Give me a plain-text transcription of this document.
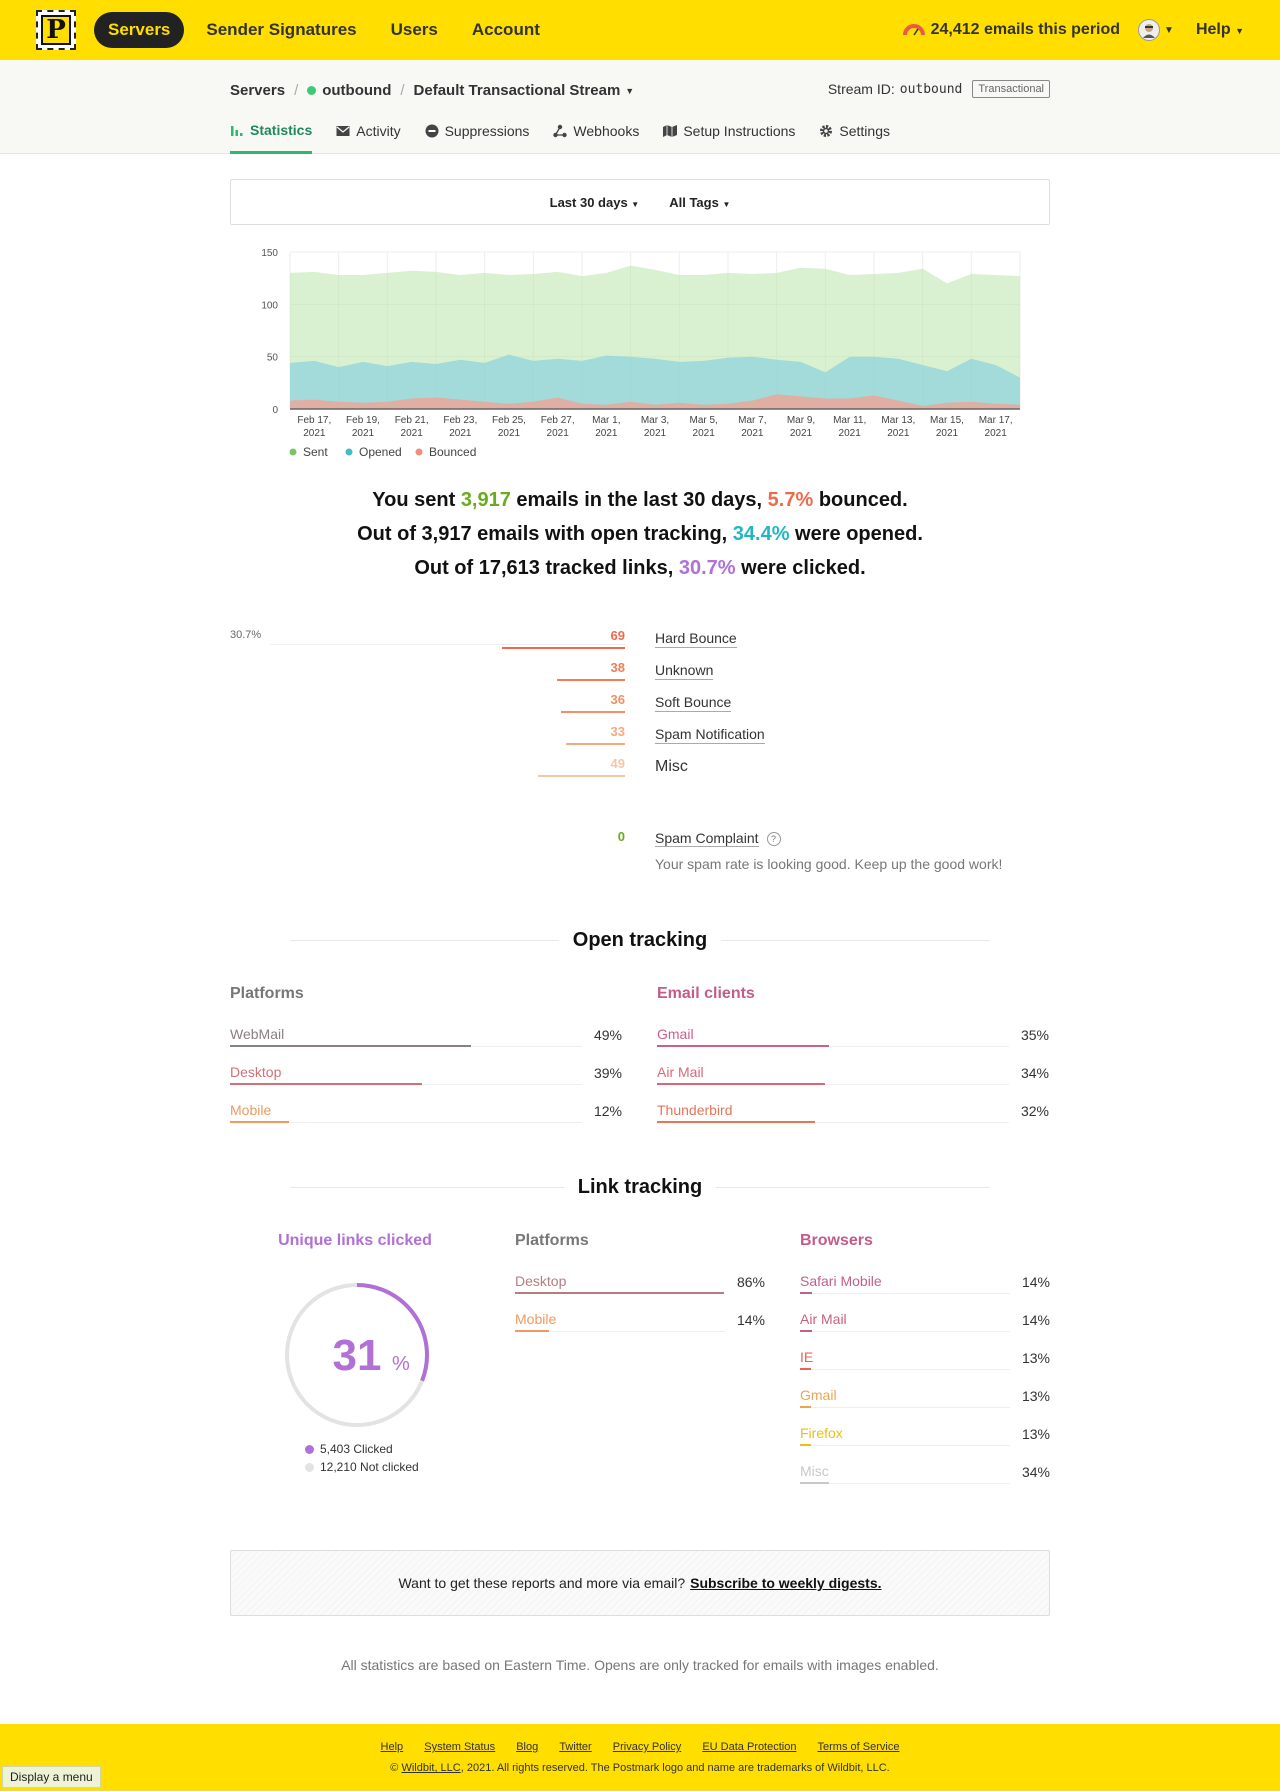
P	Servers	Sender Signatures Users Account	24,412 emails this period	▼ Help ▼
Servers / outbound / Default Transactional Stream ▼	Stream ID: outbound	Transactional
Statistics	Activity	Suppressions	Webhooks	Setup Instructions	Settings
Last 30 days ▼ All Tags ▼
0
50
100
150
Feb 17,
2021
Feb 19,
2021
Feb 21,
2021
Feb 23,
2021
Feb 25,
2021
Feb 27,
2021
Mar 1,
2021
Mar 3,
2021
Mar 5,
2021
Mar 7,
2021
Mar 9,
2021
Mar 11,
2021
Mar 13,
2021
Mar 15,
2021
Mar 17,
2021
Sent	Opened Bounced
You sent 3,917 emails in the last 30 days, 5.7% bounced.
Out of 3,917 emails with open tracking, 34.4% were opened.
Out of 17,613 tracked links, 30.7% were clicked.
30.7%	69 Hard Bounce
38 Unknown
36 Soft Bounce
33 Spam Notification
49 Misc
0 Spam Complaint	?
Your spam rate is looking good. Keep up the good work!
Open tracking
Platforms	Email clients
WebMail	49%
Desktop	39%
Mobile	12%
Gmail	35%
Air Mail	34%
Thunderbird	32%
Link tracking
Unique links clicked	Platforms	Browsers
31 %
5,403 Clicked
12,210 Not clicked
Desktop	86%
Mobile	14%
Safari Mobile	14%
Air Mail	14%
IE	13%
Gmail	13%
Firefox	13%
Misc	34%
Want to get these reports and more via email? Subscribe to weekly digests.
All statistics are based on Eastern Time. Opens are only tracked for emails with images enabled.
Help System Status Blog Twitter Privacy Policy EU Data Protection Terms of Service
© Wildbit, LLC, 2021. All rights reserved. The Postmark logo and name are trademarks of Wildbit, LLC.
Display a menu
